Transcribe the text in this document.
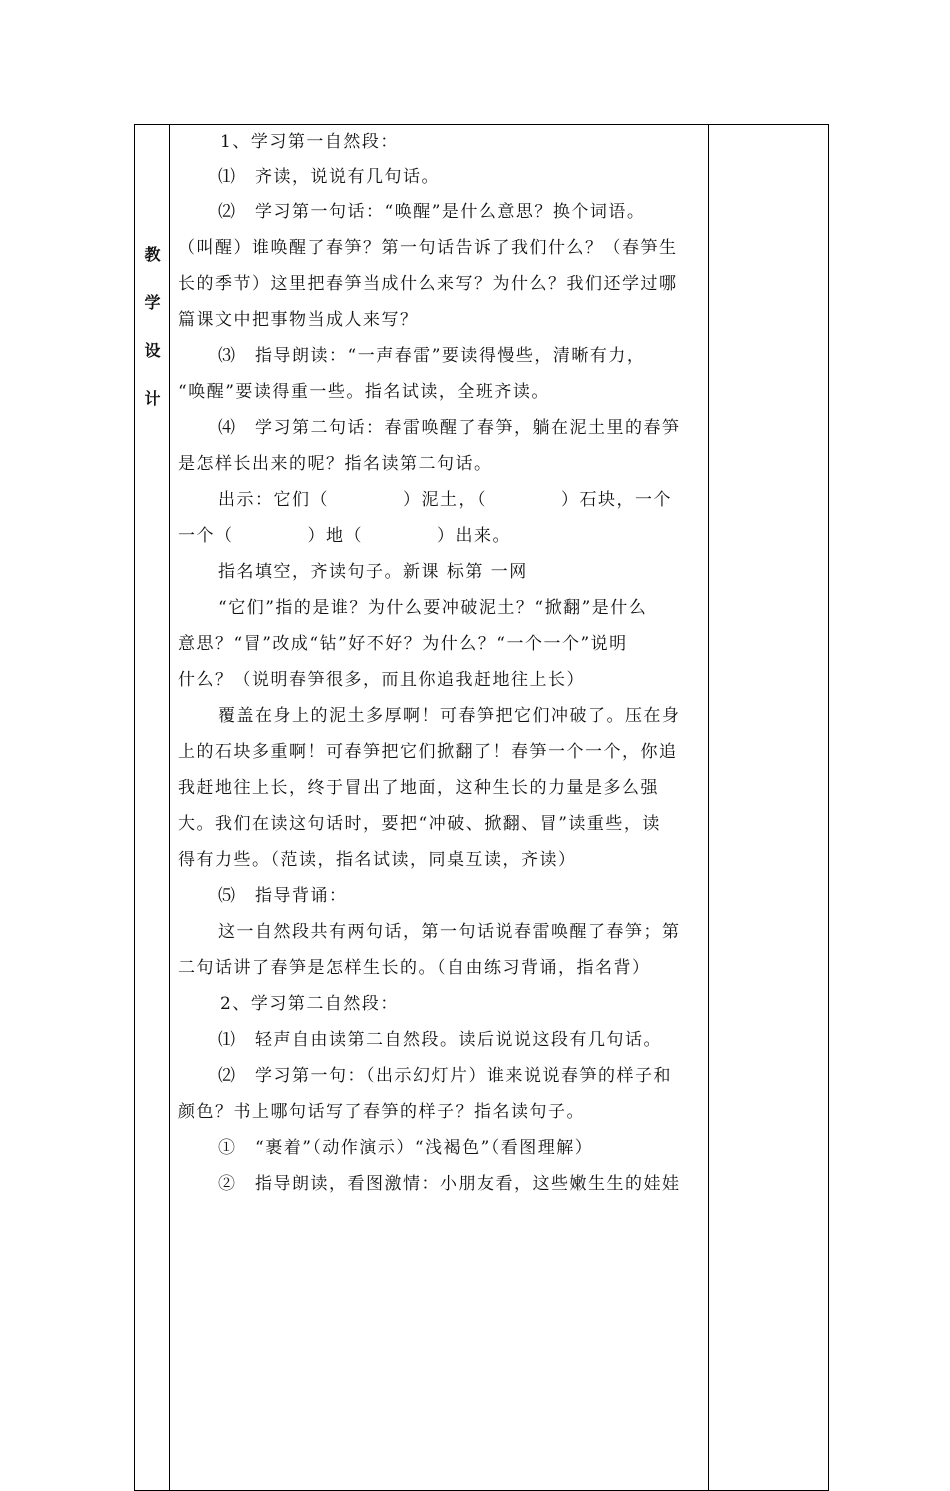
教
学
设
计
1、学习第一自然段：
⑴　齐读，说说有几句话。
⑵　学习第一句话：“唤醒”是什么意思？换个词语。
（叫醒）谁唤醒了春笋？第一句话告诉了我们什么？（春笋生
长的季节）这里把春笋当成什么来写？为什么？我们还学过哪
篇课文中把事物当成人来写？
⑶　指导朗读：“一声春雷”要读得慢些，清晰有力，
“唤醒”要读得重一些。指名试读，全班齐读。
⑷　学习第二句话：春雷唤醒了春笋，躺在泥土里的春笋
是怎样长出来的呢？指名读第二句话。
出示：它们（　　　　）泥土，（　　　　）石块，一个
一个（　　　　）地（　　　　）出来。
指名填空，齐读句子。新课 标第 一网
“它们”指的是谁？为什么要冲破泥土？“掀翻”是什么
意思？“冒”改成“钻”好不好？为什么？“一个一个”说明
什么？（说明春笋很多，而且你追我赶地往上长）
覆盖在身上的泥土多厚啊！可春笋把它们冲破了。压在身
上的石块多重啊！可春笋把它们掀翻了！春笋一个一个，你追
我赶地往上长，终于冒出了地面，这种生长的力量是多么强
大。我们在读这句话时，要把“冲破、掀翻、冒”读重些，读
得有力些。（范读，指名试读，同桌互读，齐读）
⑸　指导背诵：
这一自然段共有两句话，第一句话说春雷唤醒了春笋；第
二句话讲了春笋是怎样生长的。（自由练习背诵，指名背）
2、学习第二自然段：
⑴　轻声自由读第二自然段。读后说说这段有几句话。
⑵　学习第一句：（出示幻灯片）谁来说说春笋的样子和
颜色？书上哪句话写了春笋的样子？指名读句子。
①　“裹着”（动作演示）“浅褐色”（看图理解）
②　指导朗读，看图激情：小朋友看，这些嫩生生的娃娃
